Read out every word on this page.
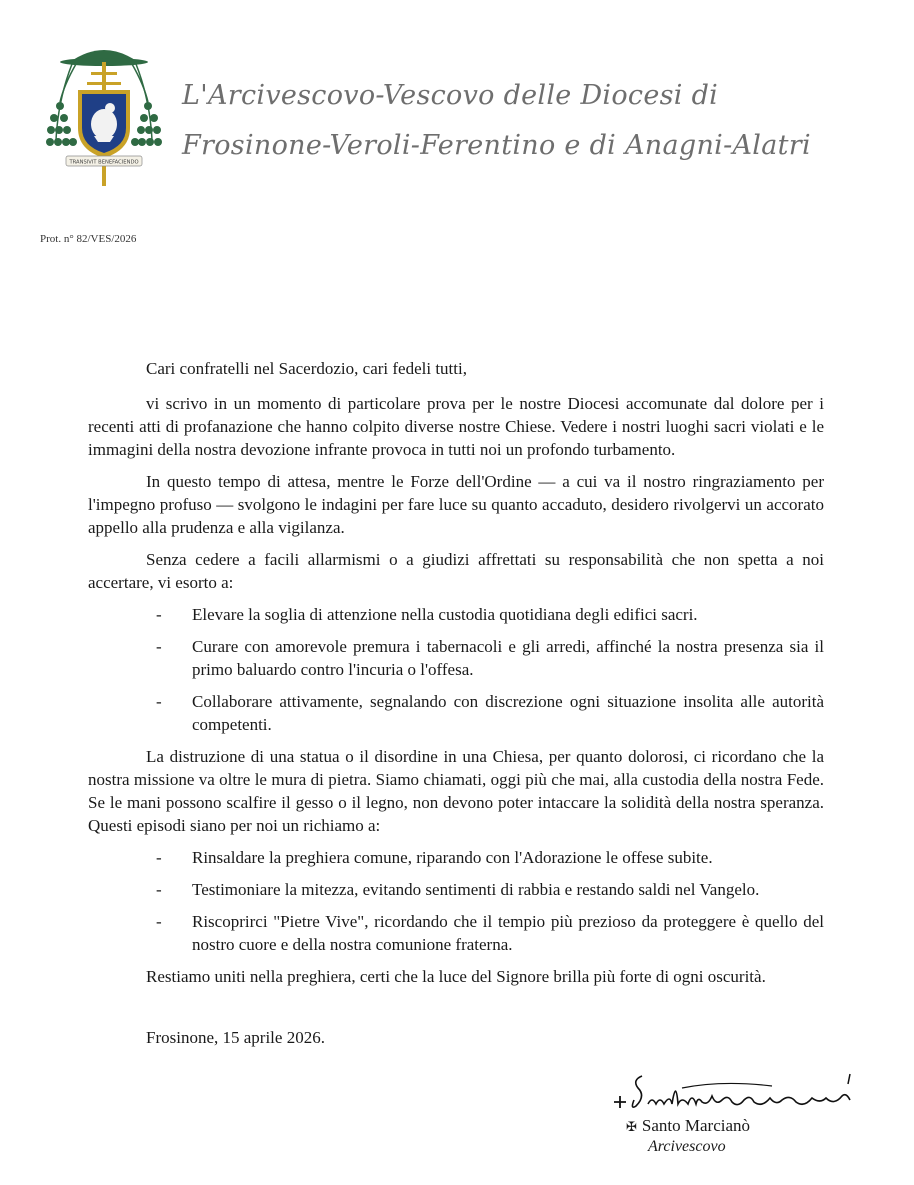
TRANSIVIT BENEFACIENDO
L'Arcivescovo-Vescovo delle Diocesi di
Frosinone-Veroli-Ferentino e di Anagni-Alatri
Prot. n° 82/VES/2026

Cari confratelli nel Sacerdozio, cari fedeli tutti,

vi scrivo in un momento di particolare prova per le nostre Diocesi accomunate dal dolore per i recenti atti di profanazione che hanno colpito diverse nostre Chiese. Vedere i nostri luoghi sacri violati e le immagini della nostra devozione infrante provoca in tutti noi un profondo turbamento.

In questo tempo di attesa, mentre le Forze dell'Ordine — a cui va il nostro ringraziamento per l'impegno profuso — svolgono le indagini per fare luce su quanto accaduto, desidero rivolgervi un accorato appello alla prudenza e alla vigilanza.

Senza cedere a facili allarmismi o a giudizi affrettati su responsabilità che non spetta a noi accertare, vi esorto a:

- Elevare la soglia di attenzione nella custodia quotidiana degli edifici sacri.
- Curare con amorevole premura i tabernacoli e gli arredi, affinché la nostra presenza sia il primo baluardo contro l'incuria o l'offesa.
- Collaborare attivamente, segnalando con discrezione ogni situazione insolita alle autorità competenti.

La distruzione di una statua o il disordine in una Chiesa, per quanto dolorosi, ci ricordano che la nostra missione va oltre le mura di pietra. Siamo chiamati, oggi più che mai, alla custodia della nostra Fede. Se le mani possono scalfire il gesso o il legno, non devono poter intaccare la solidità della nostra speranza. Questi episodi siano per noi un richiamo a:

- Rinsaldare la preghiera comune, riparando con l'Adorazione le offese subite.
- Testimoniare la mitezza, evitando sentimenti di rabbia e restando saldi nel Vangelo.
- Riscoprirci "Pietre Vive", ricordando che il tempio più prezioso da proteggere è quello del nostro cuore e della nostra comunione fraterna.

Restiamo uniti nella preghiera, certi che la luce del Signore brilla più forte di ogni oscurità.

Frosinone, 15 aprile 2026.
✠ Santo Marcianò
Arcivescovo
